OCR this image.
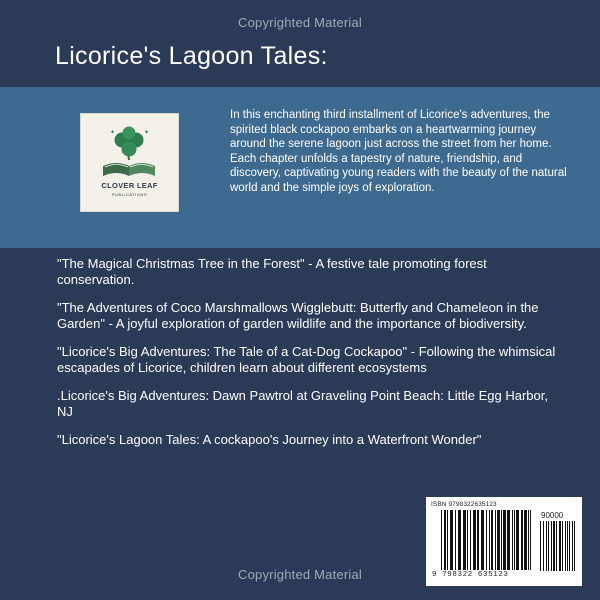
Copyrighted Material
Licorice's Lagoon Tales:
✦	✦
CLOVER LEAF
PUBLICATIONS
In this enchanting third installment of Licorice's adventures, the spirited black cockapoo embarks on a heartwarming journey around the serene lagoon just across the street from her home. Each chapter unfolds a tapestry of nature, friendship, and discovery, captivating young readers with the beauty of the natural world and the simple joys of exploration.
"The Magical Christmas Tree in the Forest" - A festive tale promoting forest conservation.
"The Adventures of Coco Marshmallows Wigglebutt: Butterfly and Chameleon in the Garden" - A joyful exploration of garden wildlife and the importance of biodiversity.
"Licorice's Big Adventures: The Tale of a Cat-Dog Cockapoo" - Following the whimsical escapades of Licorice, children learn about different ecosystems
.Licorice's Big Adventures: Dawn Pawtrol at Graveling Point Beach: Little Egg Harbor, NJ
"Licorice's Lagoon Tales: A cockapoo's Journey into a Waterfront Wonder"
ISBN 9798322635123
90000
9 798322 635123
Copyrighted Material
